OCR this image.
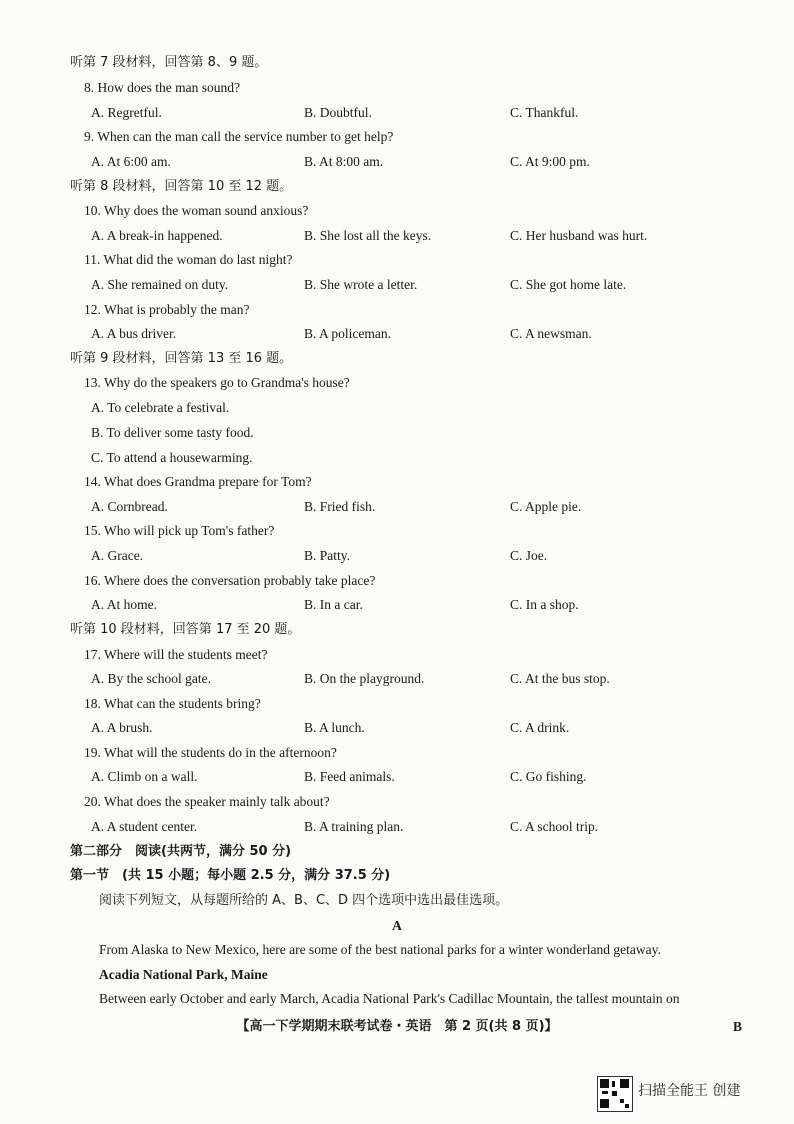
听第 7 段材料，回答第 8、9 题。
8. How does the man sound?
A. Regretful.	B. Doubtful.	C. Thankful.
9. When can the man call the service number to get help?
A. At 6:00 am.	B. At 8:00 am.	C. At 9:00 pm.
听第 8 段材料，回答第 10 至 12 题。
10. Why does the woman sound anxious?
A. A break-in happened.	B. She lost all the keys.	C. Her husband was hurt.
11. What did the woman do last night?
A. She remained on duty.	B. She wrote a letter.	C. She got home late.
12. What is probably the man?
A. A bus driver.	B. A policeman.	C. A newsman.
听第 9 段材料，回答第 13 至 16 题。
13. Why do the speakers go to Grandma's house?
A. To celebrate a festival.
B. To deliver some tasty food.
C. To attend a housewarming.
14. What does Grandma prepare for Tom?
A. Cornbread.	B. Fried fish.	C. Apple pie.
15. Who will pick up Tom's father?
A. Grace.	B. Patty.	C. Joe.
16. Where does the conversation probably take place?
A. At home.	B. In a car.	C. In a shop.
听第 10 段材料，回答第 17 至 20 题。
17. Where will the students meet?
A. By the school gate.	B. On the playground.	C. At the bus stop.
18. What can the students bring?
A. A brush.	B. A lunch.	C. A drink.
19. What will the students do in the afternoon?
A. Climb on a wall.	B. Feed animals.	C. Go fishing.
20. What does the speaker mainly talk about?
A. A student center.	B. A training plan.	C. A school trip.
第二部分　阅读(共两节，满分 50 分)
第一节　(共 15 小题；每小题 2.5 分，满分 37.5 分)
阅读下列短文，从每题所给的 A、B、C、D 四个选项中选出最佳选项。
A
From Alaska to New Mexico, here are some of the best national parks for a winter wonderland getaway.
Acadia National Park, Maine
Between early October and early March, Acadia National Park's Cadillac Mountain, the tallest mountain on
【高一下学期期末联考试卷・英语　第 2 页(共 8 页)】	B
扫描全能王 创建
